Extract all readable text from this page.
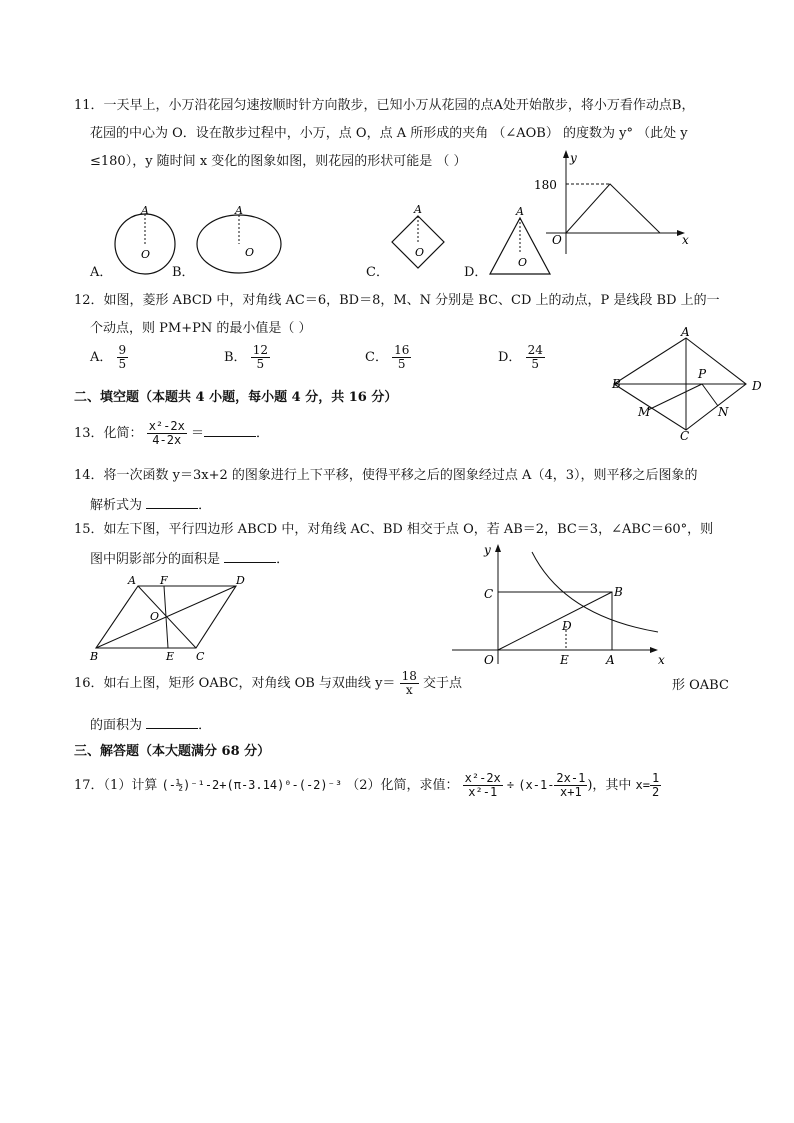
11．一天早上，小万沿花园匀速按顺时针方向散步，已知小万从花园的点A处开始散步，将小万看作动点B，
花园的中心为 O．设在散步过程中，小万，点 O，点 A 所形成的夹角 （∠AOB） 的度数为 y° （此处 y
≤180），y 随时间 x 变化的图象如图，则花园的形状可能是 （ ）	y
x
O
180
A．
A
O
B．
A
O
C．
A
O
D．
A
O
12．如图，菱形 ABCD 中，对角线 AC＝6，BD＝8，M、N 分别是 BC、CD 上的动点，P 是线段 BD 上的一
个动点，则 PM+PN 的最小值是（ ）
A． $\frac{9}{5}$	B． $\frac{12}{5}$	C． $\frac{16}{5}$	D． $\frac{24}{5}$
A
B
C
D
P
M	N
二、填空题（本题共 4 小题，每小题 4 分，共 16 分）
13．化简： $\frac{\text{x²-2x}}{4-2x}$ ＝	．
14．将一次函数 y＝3x+2 的图象进行上下平移，使得平移之后的图象经过点 A（4，3），则平移之后图象的
解析式为	．
15．如左下图，平行四边形 ABCD 中，对角线 AC、BD 相交于点 O，若 AB＝2，BC＝3，∠ABC＝60°，则
图中阴影部分的面积是	．
A F	D
O
B	E C
y
x
C	B
D
O	E	A
16．如右上图，矩形 OABC，对角线 OB 与双曲线 $y= \frac{18}{x}$ 交于点	形 OABC
的面积为	．
三、解答题（本大题满分 68 分）
17．（1）计算 (-½)⁻¹-2+(π-3.14)⁰-(-2)⁻³ （2）化简，求值： $\frac{\text{x²-2x}}{\text{x²-1}} \div (x-1- \frac{2x-1}{x+1}$ )，其中 $x= \frac{1}{2}$
